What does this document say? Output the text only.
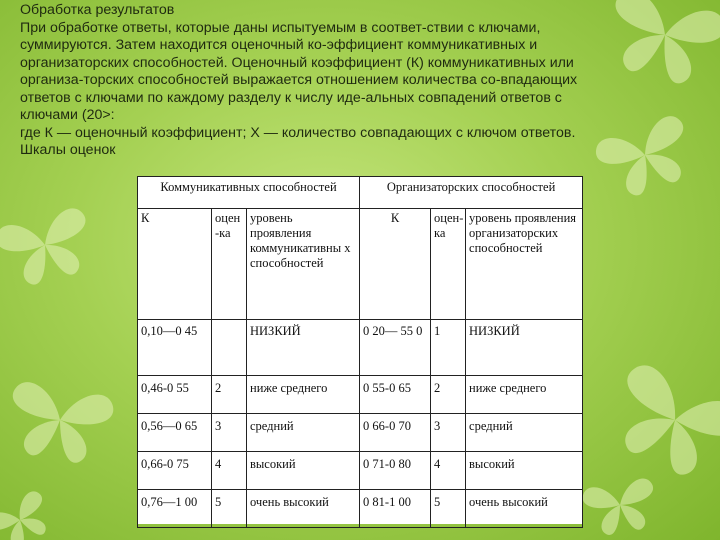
Обработка результатов
При обработке ответы, которые даны испытуемым в соответ-ствии с ключами,
суммируются. Затем находится оценочный ко-эффициент коммуникативных и
организаторских способностей. Оценочный коэффициент (К) коммуникативных или
организа-торских способностей выражается отношением количества со-впадающих
ответов с ключами по каждому разделу к числу иде-альных совпадений ответов с
ключами (20>:
где К — оценочный коэффициент; X — количество совпадающих с ключом ответов.
Шкалы оценок
Коммуникативных способностей			Организаторских способностей		
К	оцен -ка	уровень проявления коммуникативны х способностей	К	оцен- ка	уровень проявления организаторских способностей
0,10—0 45		НИЗКИЙ	0 20— 55 0	1	НИЗКИЙ
0,46-0 55	2	ниже среднего	0 55-0 65	2	ниже среднего
0,56—0 65	3	средний	0 66-0 70	3	средний
0,66-0 75	4	высокий	0 71-0 80	4	высокий
0,76—1 00	5	очень высокий	0 81-1 00	5	очень высокий
